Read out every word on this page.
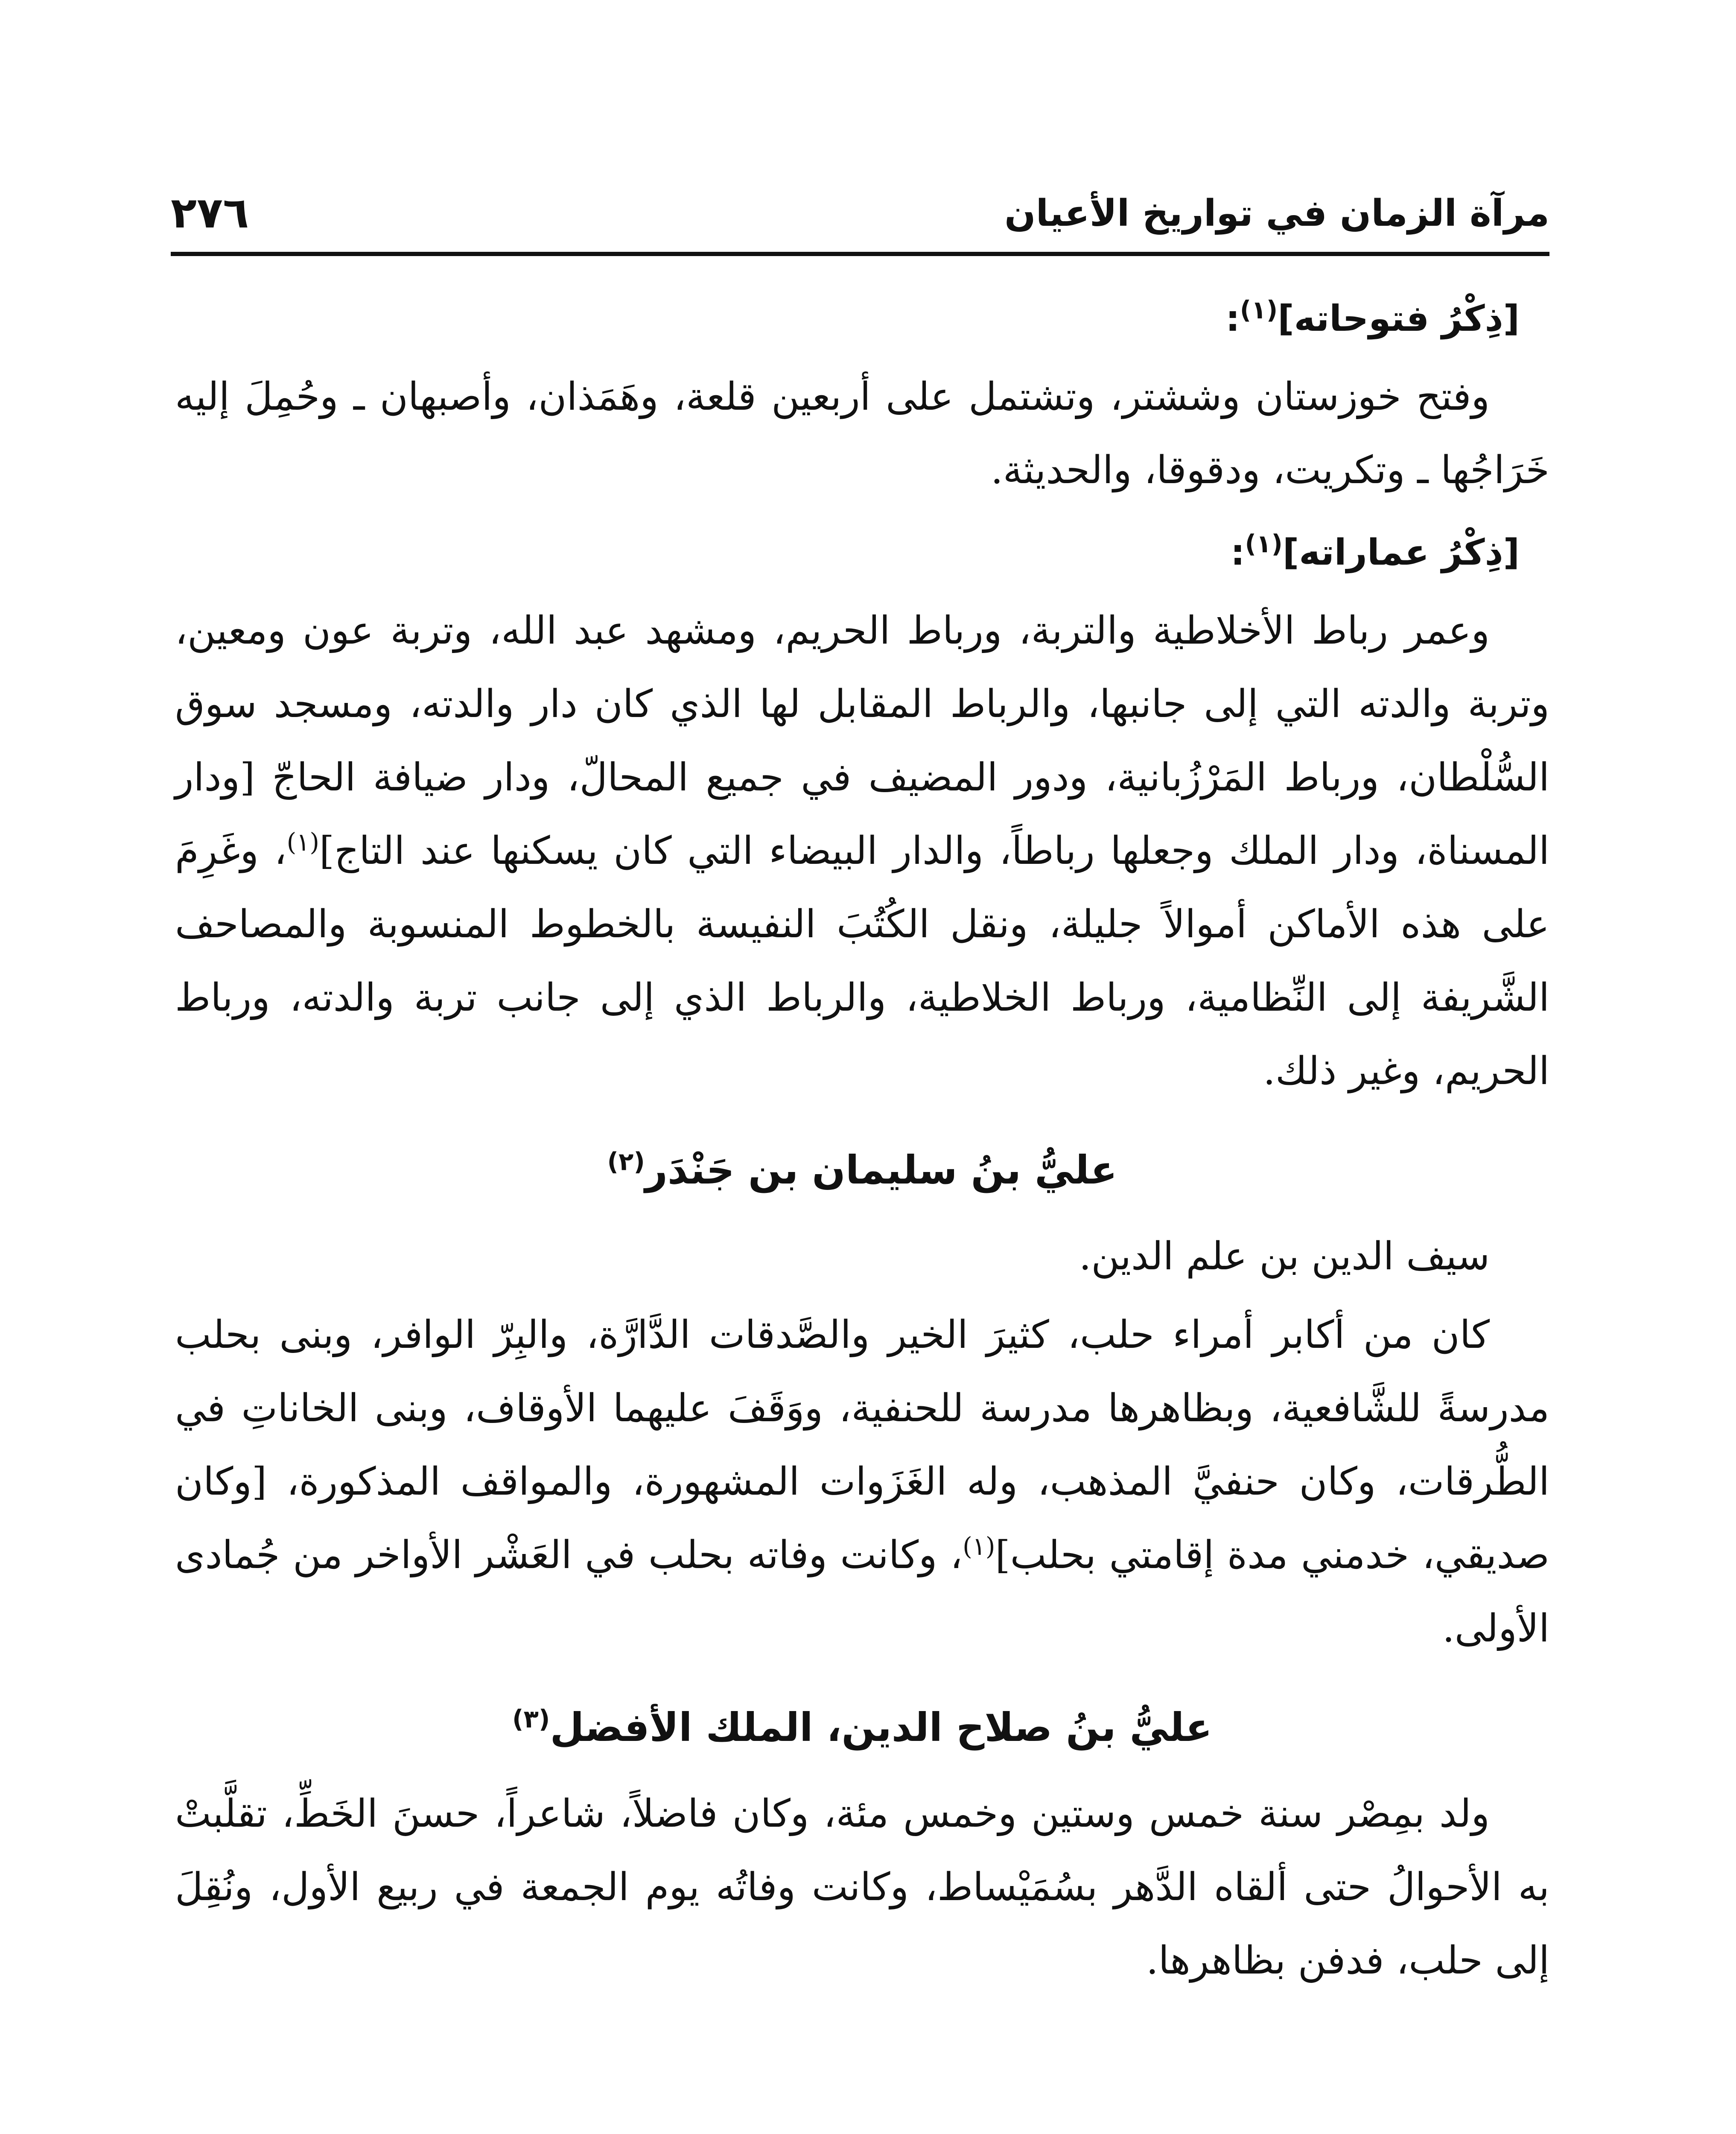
٢٧٦	مرآة الزمان في تواريخ الأعيان

[ذِكْرُ فتوحاته]$^{(١)}$:

وفتح خوزستان وششتر، وتشتمل على أربعين قلعة، وهَمَذان، وأصبهان ـ وحُمِلَ إليه خَرَاجُها ـ وتكريت، ودقوقا، والحديثة.

[ذِكْرُ عماراته]$^{(١)}$:

وعمر رباط الأخلاطية والتربة، ورباط الحريم، ومشهد عبد الله، وتربة عون ومعين، وتربة والدته التي إلى جانبها، والرباط المقابل لها الذي كان دار والدته، ومسجد سوق السُّلْطان، ورباط المَرْزُبانية، ودور المضيف في جميع المحالّ، ودار ضيافة الحاجّ [ودار المسناة، ودار الملك وجعلها رباطاً، والدار البيضاء التي كان يسكنها عند التاج]$^{(١)}$، وغَرِمَ على هذه الأماكن أموالاً جليلة، ونقل الكُتُبَ النفيسة بالخطوط المنسوبة والمصاحف الشَّريفة إلى النِّظامية، ورباط الخلاطية، والرباط الذي إلى جانب تربة والدته، ورباط الحريم، وغير ذلك.

عليُّ بنُ سليمان بن جَنْدَر$^{(٢)}$

سيف الدين بن علم الدين.

كان من أكابر أمراء حلب، كثيرَ الخير والصَّدقات الدَّارَّة، والبِرّ الوافر، وبنى بحلب مدرسةً للشَّافعية، وبظاهرها مدرسة للحنفية، ووَقَفَ عليهما الأوقاف، وبنى الخاناتِ في الطُّرقات، وكان حنفيَّ المذهب، وله الغَزَوات المشهورة، والمواقف المذكورة، [وكان صديقي، خدمني مدة إقامتي بحلب]$^{(١)}$، وكانت وفاته بحلب في العَشْر الأواخر من جُمادى الأولى.

عليُّ بنُ صلاح الدين، الملك الأفضل$^{(٣)}$

ولد بمِصْر سنة خمس وستين وخمس مئة، وكان فاضلاً، شاعراً، حسنَ الخَطِّ، تقلَّبتْ به الأحوالُ حتى ألقاه الدَّهر بسُمَيْساط، وكانت وفاتُه يوم الجمعة في ربيع الأول، ونُقِلَ إلى حلب، فدفن بظاهرها.
